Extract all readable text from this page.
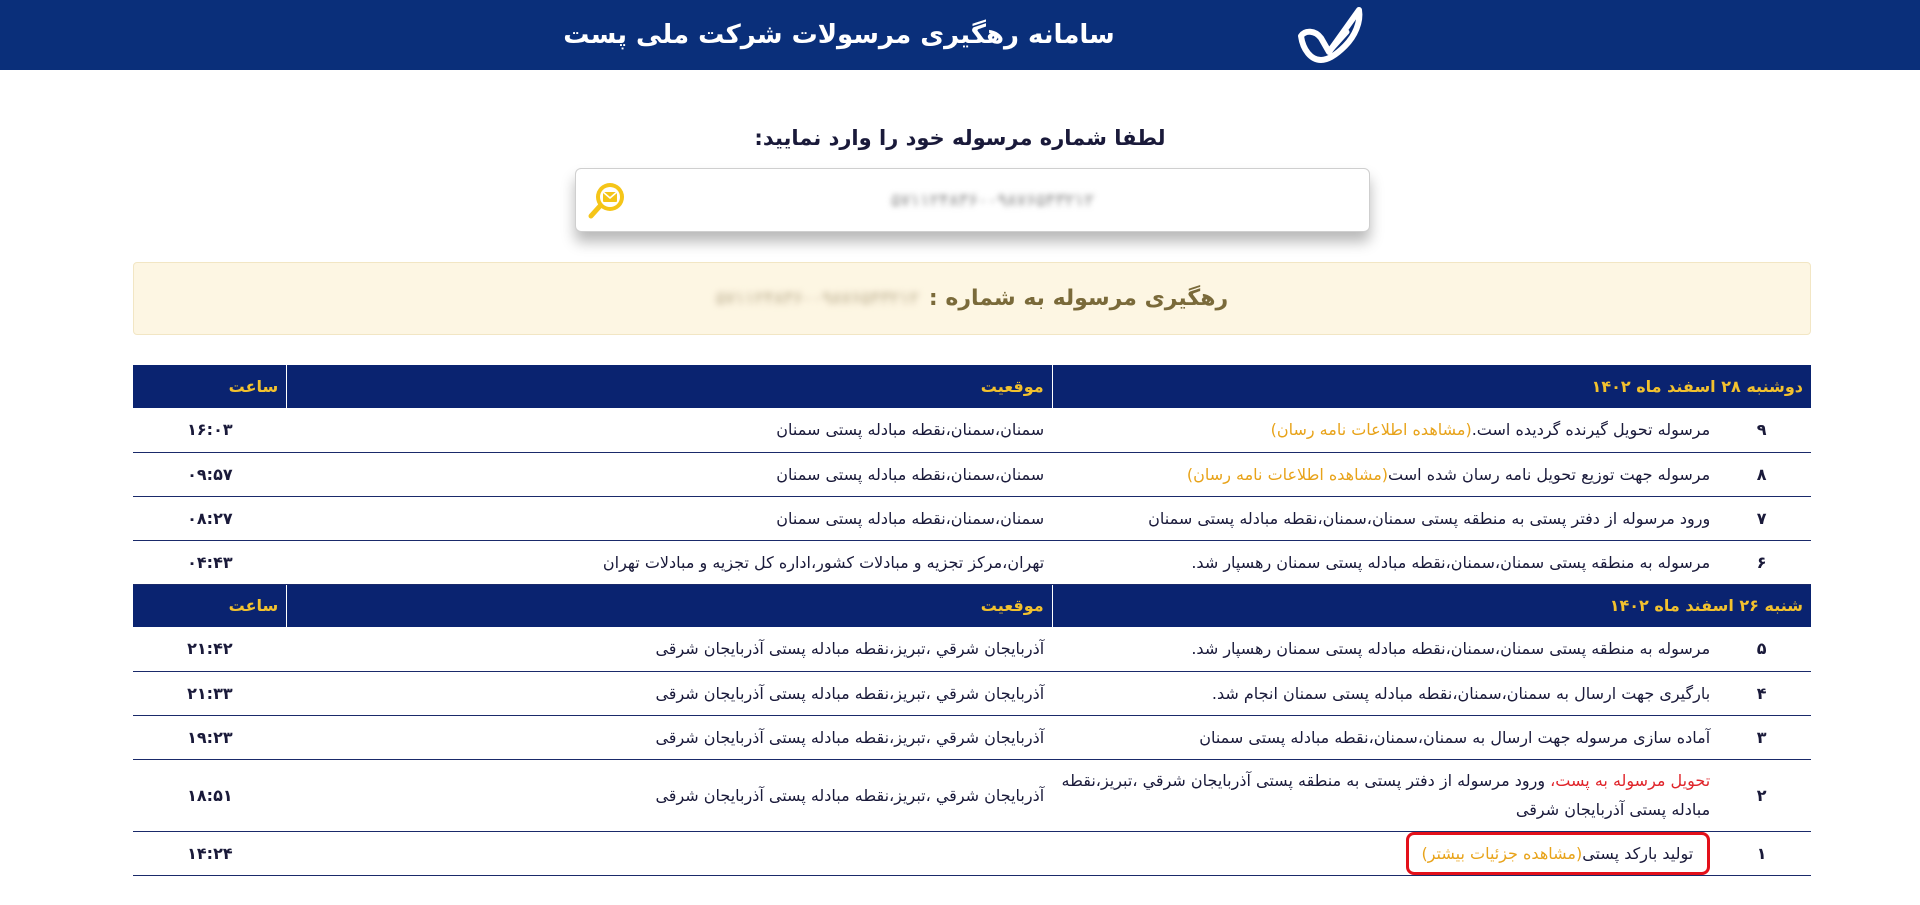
سامانه رهگیری مرسولات شرکت ملی پست
لطفا شماره مرسوله خود را وارد نمایید:
۵۷۱۱۲۴۸۳۶۰۰۹۸۷۶۵۴۳۲۱۲
رهگیری مرسوله به شماره :
۵۷۱۱۲۴۸۳۶۰۰۹۸۷۶۵۴۳۲۱۲
دوشنبه ۲۸ اسفند ماه ۱۴۰۲		موقعیت	ساعت
۹	مرسوله تحویل گیرنده گردیده است.(مشاهده اطلاعات نامه رسان)	سمنان،سمنان،نقطه مبادله پستی سمنان	۱۶:۰۳
۸	مرسوله جهت توزیع تحویل نامه رسان شده است(مشاهده اطلاعات نامه رسان)	سمنان،سمنان،نقطه مبادله پستی سمنان	۰۹:۵۷
۷	ورود مرسوله از دفتر پستی به منطقه پستی سمنان،سمنان،نقطه مبادله پستی سمنان	سمنان،سمنان،نقطه مبادله پستی سمنان	۰۸:۲۷
۶	مرسوله به منطقه پستی سمنان،سمنان،نقطه مبادله پستی سمنان رهسپار شد.	تهران،مرکز تجزیه و مبادلات کشور،اداره کل تجزیه و مبادلات تهران	۰۴:۴۳
شنبه ۲۶ اسفند ماه ۱۴۰۲		موقعیت	ساعت
۵	مرسوله به منطقه پستی سمنان،سمنان،نقطه مبادله پستی سمنان رهسپار شد.	آذربايجان شرقي ،تبريز،نقطه مبادله پستی آذربایجان شرقی	۲۱:۴۲
۴	بارگیری جهت ارسال به سمنان،سمنان،نقطه مبادله پستی سمنان انجام شد.	آذربايجان شرقي ،تبريز،نقطه مبادله پستی آذربایجان شرقی	۲۱:۳۳
۳	آماده سازی مرسوله جهت ارسال به سمنان،سمنان،نقطه مبادله پستی سمنان	آذربايجان شرقي ،تبريز،نقطه مبادله پستی آذربایجان شرقی	۱۹:۲۳
۲	تحویل مرسوله به پست، ورود مرسوله از دفتر پستی به منطقه پستی آذربایجان شرقي ،تبريز،نقطه مبادله پستی آذربایجان شرقی	آذربايجان شرقي ،تبريز،نقطه مبادله پستی آذربایجان شرقی	۱۸:۵۱
۱	تولید بارکد پستی(مشاهده جزئیات بیشتر)		۱۴:۲۴
